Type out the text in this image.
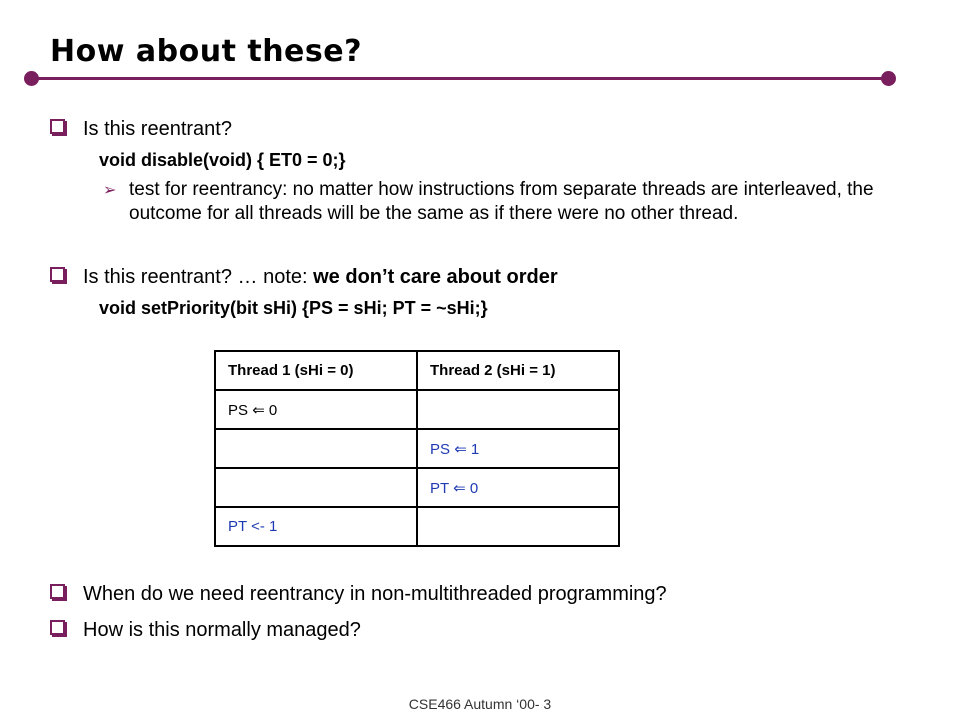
How about these?
Is this reentrant?
void disable(void) { ET0 = 0;}
➢ test for reentrancy: no matter how instructions from separate threads are interleaved, the outcome for all threads will be the same as if there were no other thread.
Is this reentrant? … note: we don’t care about order
void setPriority(bit sHi) {PS = sHi; PT = ~sHi;}
Thread 1 (sHi = 0)	Thread 2 (sHi = 1)
PS ⇐ 0	
	PS ⇐ 1
	PT ⇐ 0
PT <- 1	
When do we need reentrancy in non-multithreaded programming?
How is this normally managed?
CSE466 Autumn ‘00- 3
